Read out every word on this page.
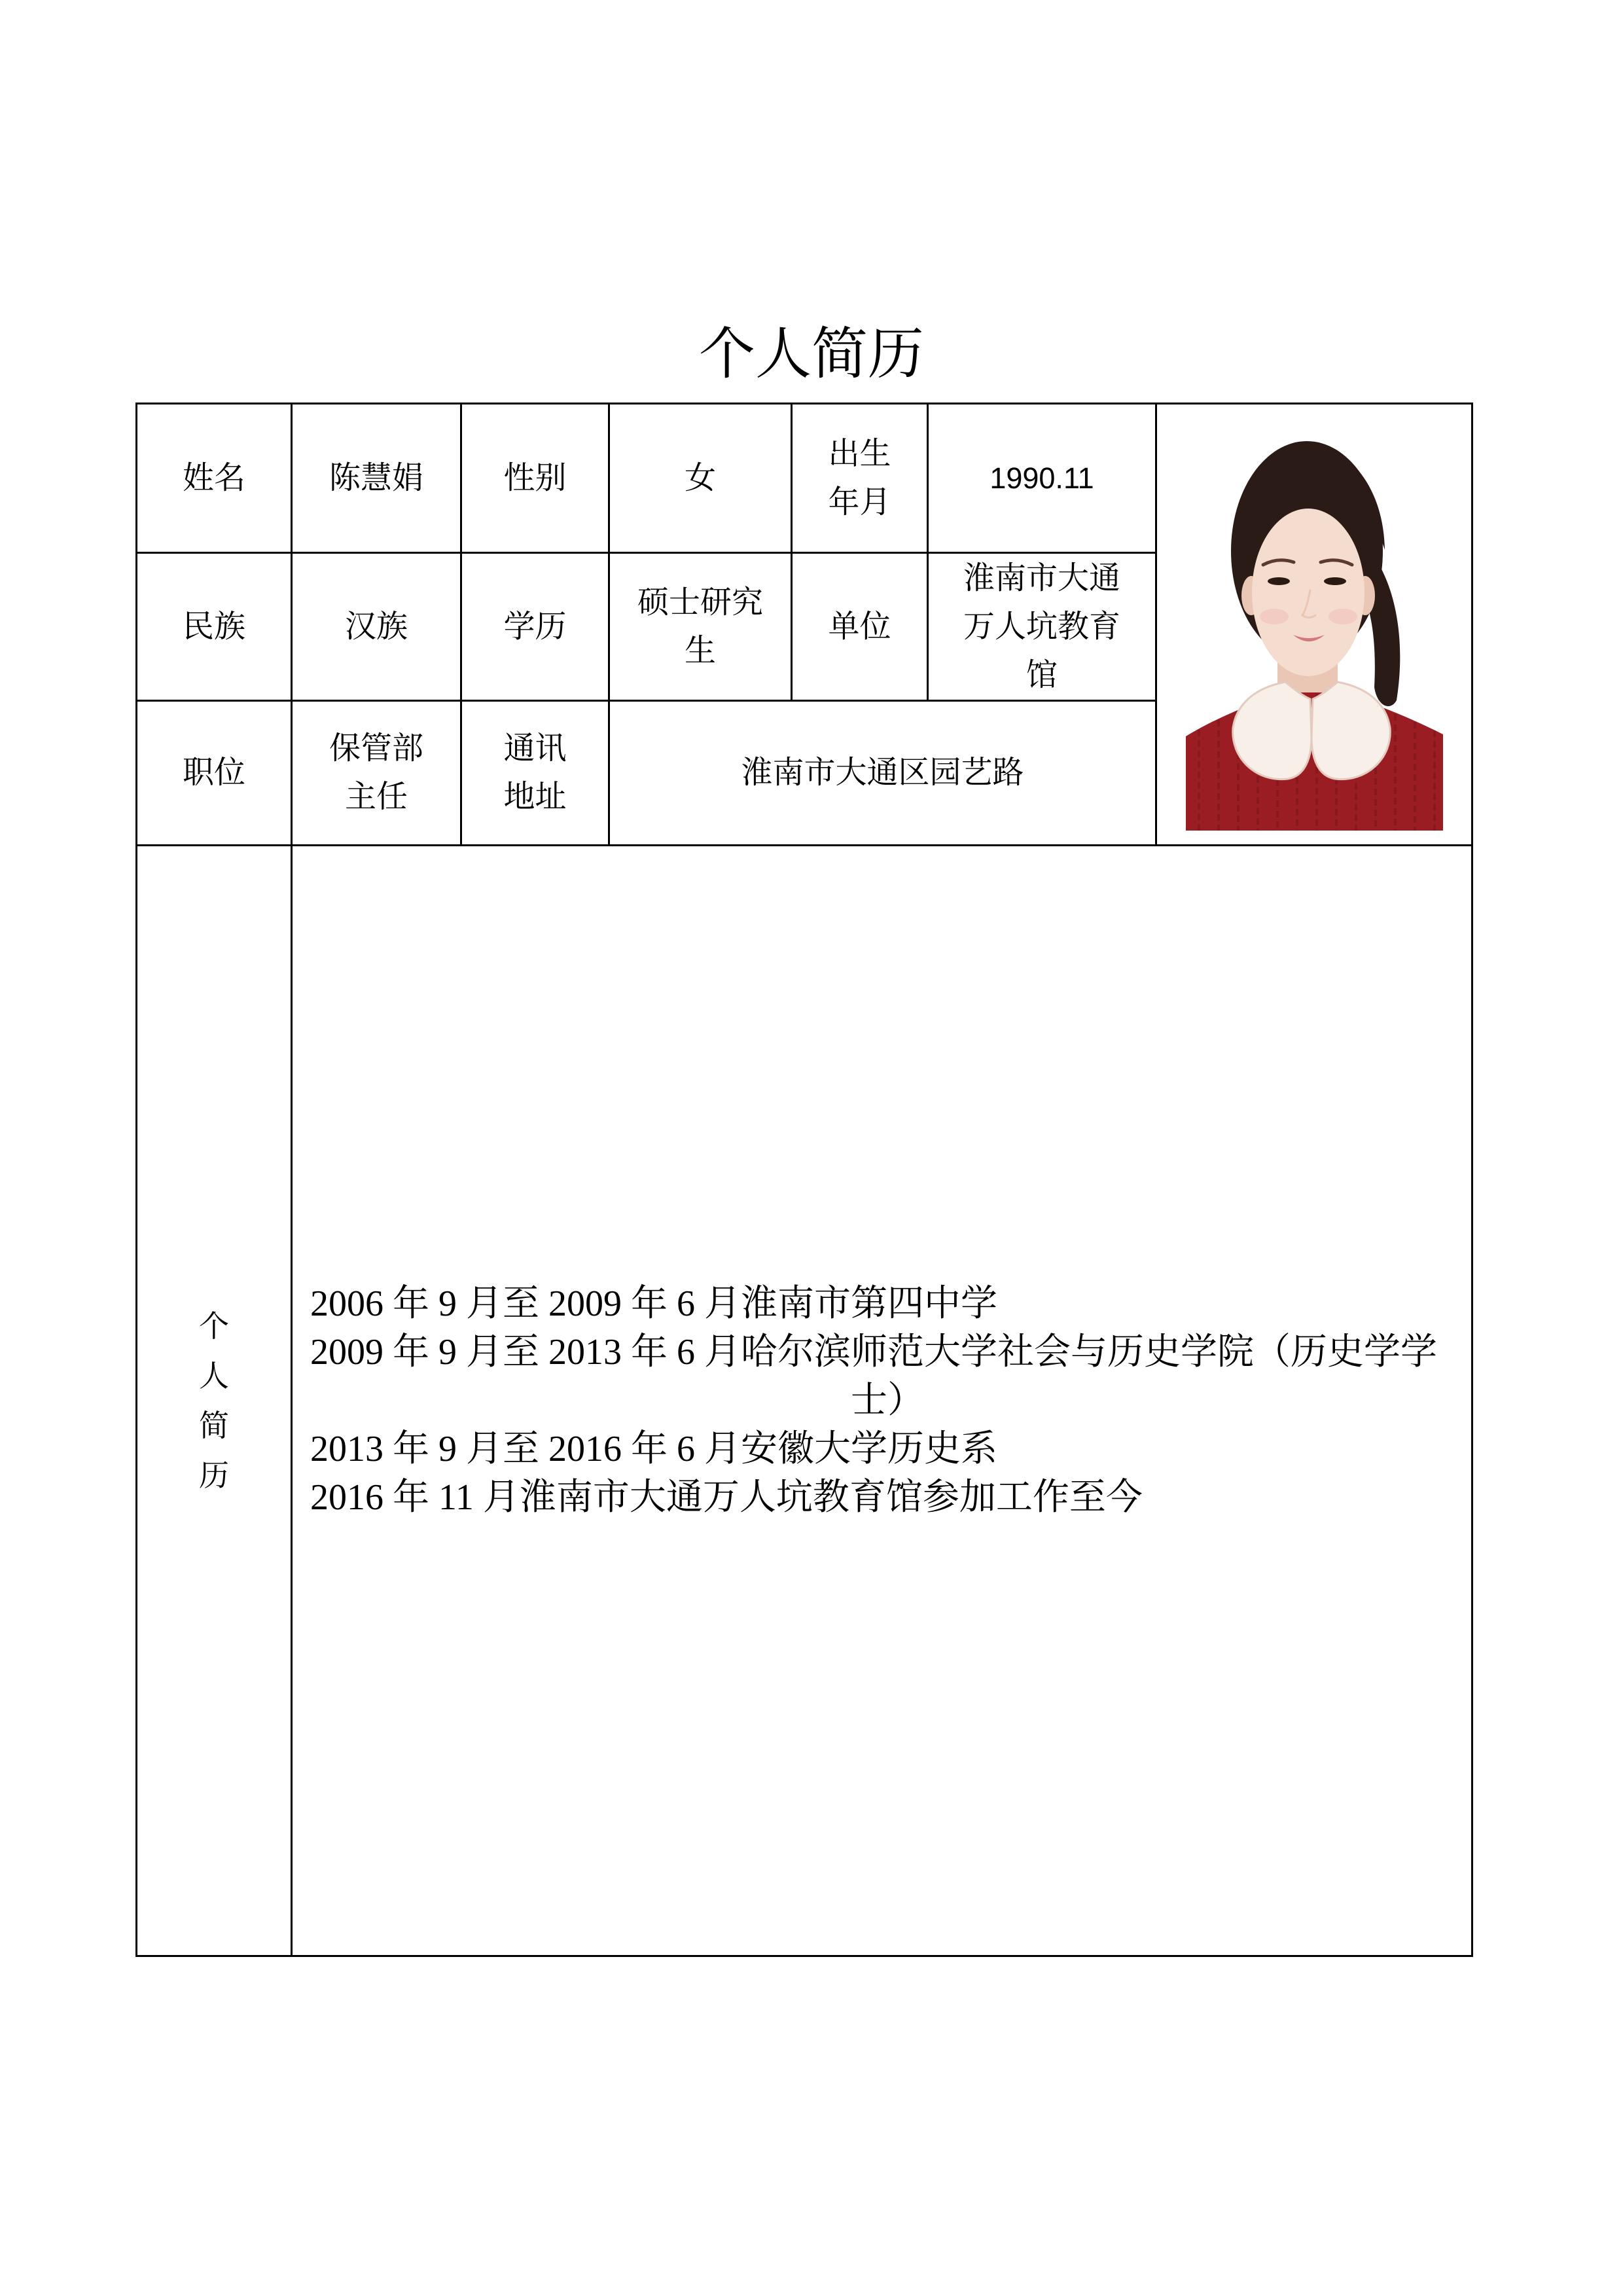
个人简历
姓名	陈慧娟	性别	女	出生年月	1990.11	

民族	汉族	学历	硕士研究生	单位	淮南市大通万人坑教育馆	
职位	保管部主任	通讯地址	淮南市大通区园艺路			
个人简历	2006 年 9 月至 2009 年 6 月淮南市第四中学
2009 年 9 月至 2013 年 6 月哈尔滨师范大学社会与历史学院（历史学学
士）
2013 年 9 月至 2016 年 6 月安徽大学历史系
2016 年 11 月淮南市大通万人坑教育馆参加工作至今					
